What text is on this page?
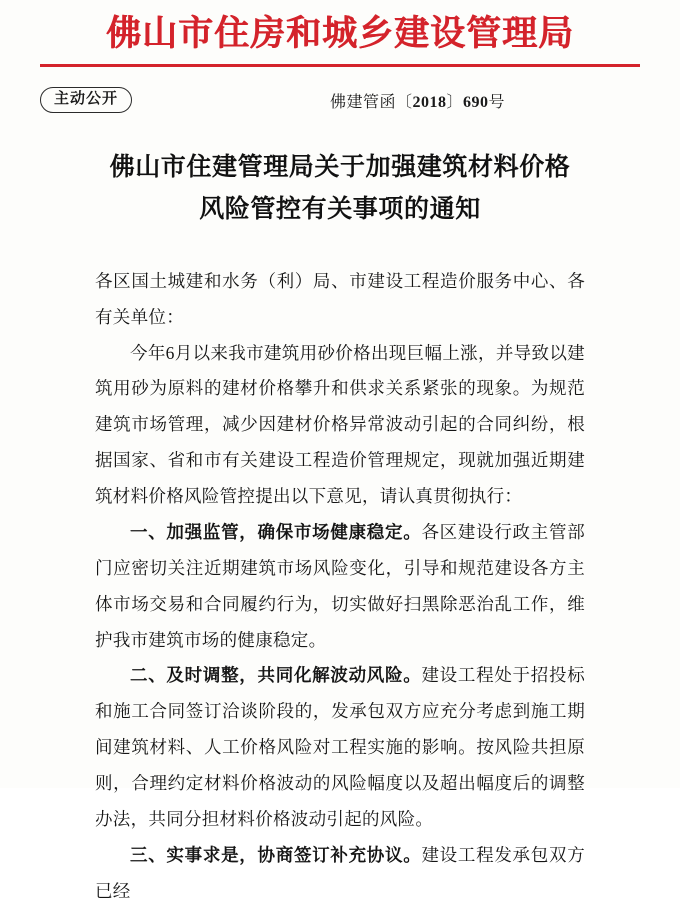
佛山市住房和城乡建设管理局
主动公开	佛建管函〔2018〕690号
佛山市住建管理局关于加强建筑材料价格
风险管控有关事项的通知

各区国土城建和水务（利）局、市建设工程造价服务中心、各有关单位：

今年6月以来我市建筑用砂价格出现巨幅上涨，并导致以建筑用砂为原料的建材价格攀升和供求关系紧张的现象。为规范建筑市场管理，减少因建材价格异常波动引起的合同纠纷，根据国家、省和市有关建设工程造价管理规定，现就加强近期建筑材料价格风险管控提出以下意见，请认真贯彻执行：

一、加强监管，确保市场健康稳定。各区建设行政主管部门应密切关注近期建筑市场风险变化，引导和规范建设各方主体市场交易和合同履约行为，切实做好扫黑除恶治乱工作，维护我市建筑市场的健康稳定。

二、及时调整，共同化解波动风险。建设工程处于招投标和施工合同签订洽谈阶段的，发承包双方应充分考虑到施工期间建筑材料、人工价格风险对工程实施的影响。按风险共担原则，合理约定材料价格波动的风险幅度以及超出幅度后的调整办法，共同分担材料价格波动引起的风险。

三、实事求是，协商签订补充协议。建设工程发承包双方已经
